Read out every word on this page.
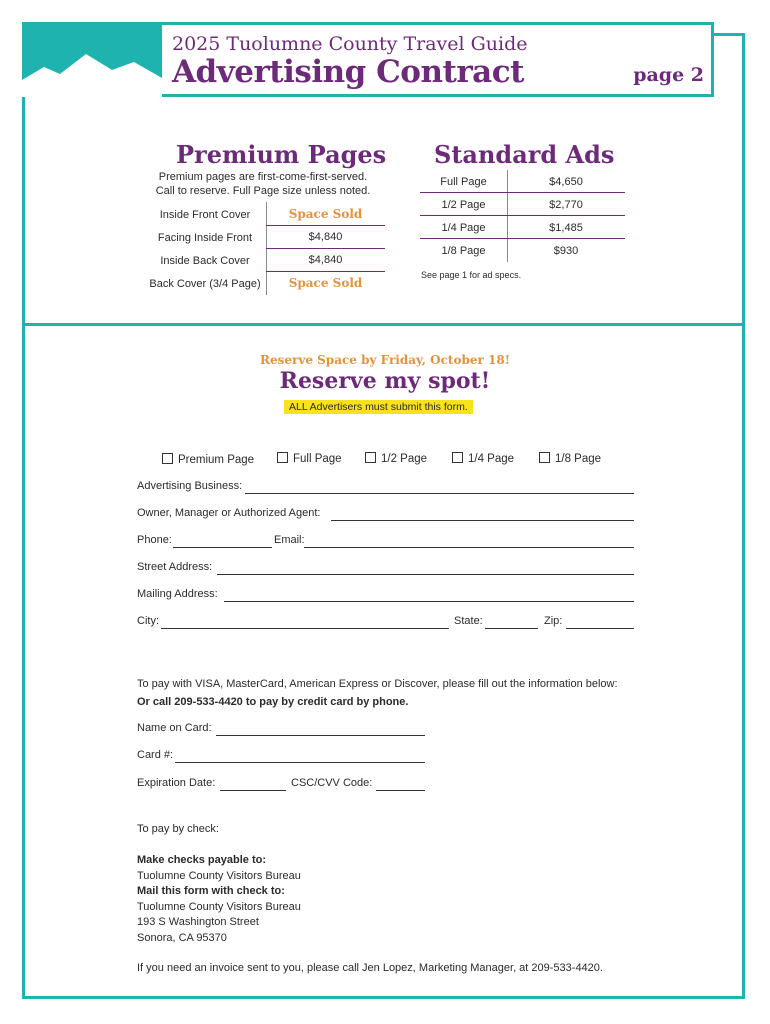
2025 Tuolumne County Travel Guide
Advertising Contract	page 2
Premium Pages
Premium pages are first-come-first-served.
Call to reserve. Full Page size unless noted.
Inside Front Cover	Space Sold
Facing Inside Front	$4,840
Inside Back Cover	$4,840
Back Cover (3/4 Page)	Space Sold
Standard Ads
Full Page	$4,650
1/2 Page	$2,770
1/4 Page	$1,485
1/8 Page	$930
See page 1 for ad specs.
Reserve Space by Friday, October 18!
Reserve my spot!
ALL Advertisers must submit this form.
Premium Page	Full Page	1/2 Page	1/4 Page	1/8 Page
Advertising Business:
Owner, Manager or Authorized Agent:
Phone:	Email:
Street Address:
Mailing Address:
City:	State:	Zip:
To pay with VISA, MasterCard, American Express or Discover, please fill out the information below:
Or call 209-533-4420 to pay by credit card by phone.
Name on Card:
Card #:
Expiration Date:	CSC/CVV Code:
To pay by check:
Make checks payable to:
Tuolumne County Visitors Bureau
Mail this form with check to:
Tuolumne County Visitors Bureau
193 S Washington Street
Sonora, CA 95370
If you need an invoice sent to you, please call Jen Lopez, Marketing Manager, at 209-533-4420.
